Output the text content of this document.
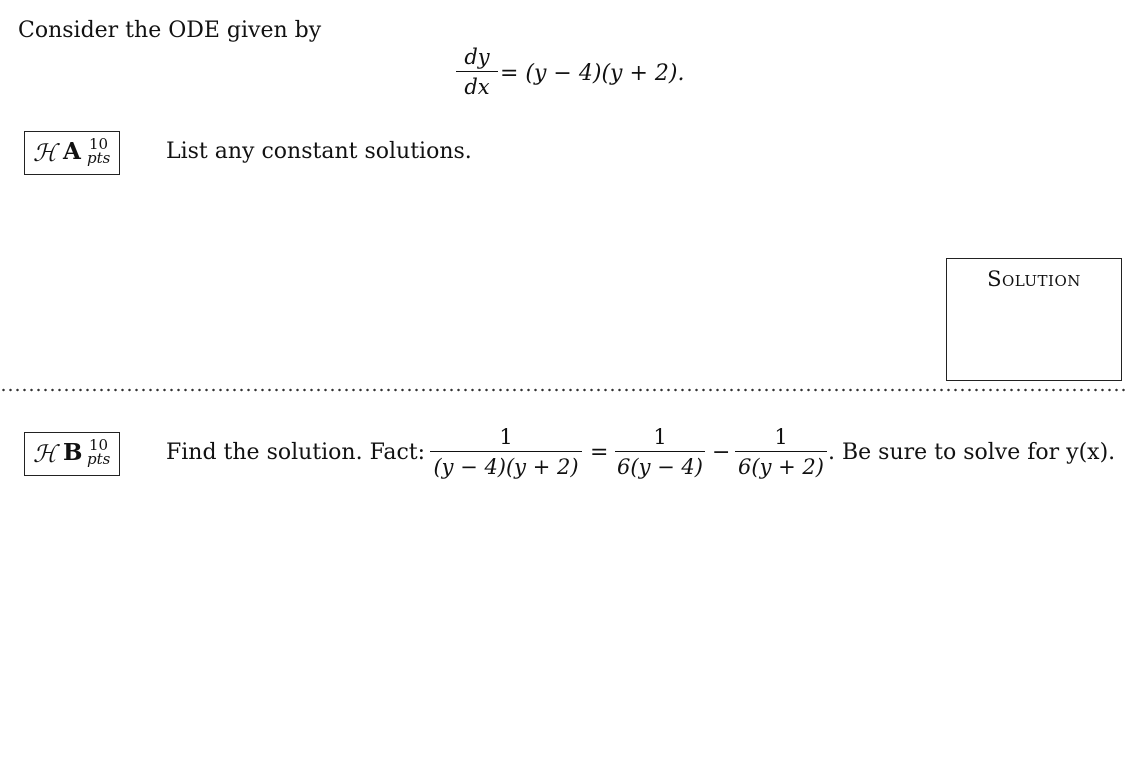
Consider the ODE given by
dy
dx
= (y − 4)(y + 2).
ℋ A 10
pts	List any constant solutions.
Solution
ℋ B 10
pts	Find the solution. Fact:
1
(y − 4)(y + 2)
=
1
6(y − 4)
−
1
6(y + 2)
. Be sure to solve for y(x).
